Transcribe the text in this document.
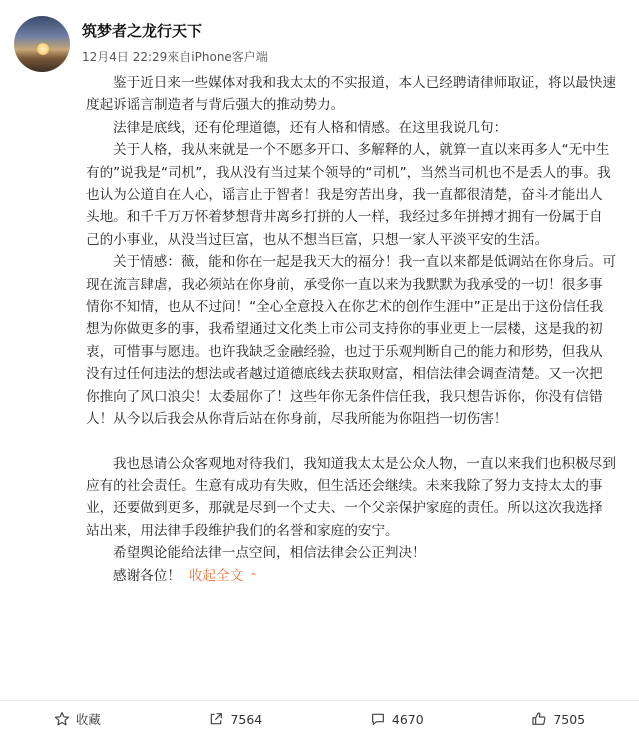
筑梦者之龙行天下
12月4日 22:29來自iPhone客户端

鉴于近日来一些媒体对我和我太太的不实报道，本人已经聘请律师取证，将以最快速度起诉谣言制造者与背后强大的推动势力。

法律是底线，还有伦理道德，还有人格和情感。在这里我说几句：

关于人格，我从来就是一个不愿多开口、多解释的人，就算一直以来再多人“无中生有的”说我是“司机”，我从没有当过某个领导的“司机”，当然当司机也不是丢人的事。我也认为公道自在人心，谣言止于智者！我是穷苦出身，我一直都很清楚，奋斗才能出人头地。和千千万万怀着梦想背井离乡打拼的人一样，我经过多年拼搏才拥有一份属于自己的小事业，从没当过巨富，也从不想当巨富，只想一家人平淡平安的生活。

关于情感：薇，能和你在一起是我天大的福分！我一直以来都是低调站在你身后。可现在流言肆虐，我必须站在你身前，承受你一直以来为我默默为我承受的一切！很多事情你不知情，也从不过问！“全心全意投入在你艺术的创作生涯中”正是出于这份信任我想为你做更多的事，我希望通过文化类上市公司支持你的事业更上一层楼，这是我的初衷，可惜事与愿违。也许我缺乏金融经验，也过于乐观判断自己的能力和形势，但我从没有过任何违法的想法或者越过道德底线去获取财富，相信法律会调查清楚。又一次把你推向了风口浪尖！太委屈你了！这些年你无条件信任我，我只想告诉你，你没有信错人！从今以后我会从你背后站在你身前，尽我所能为你阻挡一切伤害！

我也恳请公众客观地对待我们，我知道我太太是公众人物，一直以来我们也积极尽到应有的社会责任。生意有成功有失败，但生活还会继续。未来我除了努力支持太太的事业，还要做到更多，那就是尽到一个丈夫、一个父亲保护家庭的责任。所以这次我选择站出来，用法律手段维护我们的名誉和家庭的安宁。

希望舆论能给法律一点空间，相信法律会公正判决！

感谢各位！ 收起全文 ⌃
收藏	7564	4670	7505
